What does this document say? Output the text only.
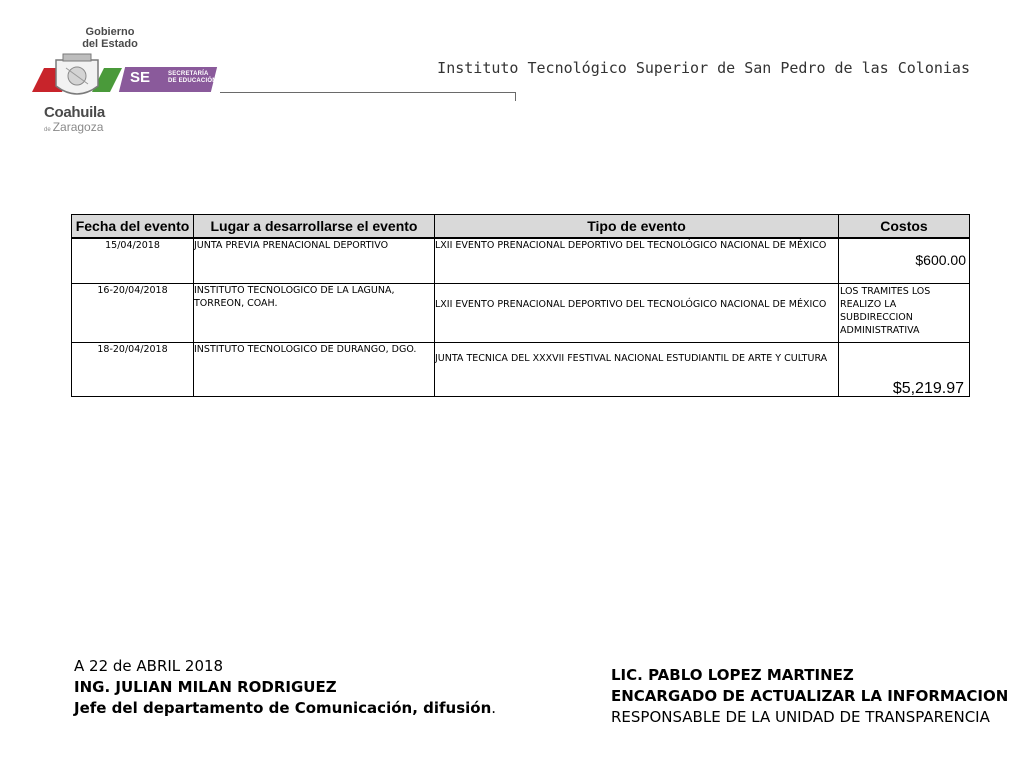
Gobierno
del Estado
SE	SECRETARÍA
DE EDUCACIÓN
Coahuila
de Zaragoza
Instituto Tecnológico Superior de San Pedro de las Colonias
Fecha del evento	Lugar a desarrollarse el evento	Tipo de evento	Costos
15/04/2018	JUNTA PREVIA PRENACIONAL DEPORTIVO	LXII EVENTO PRENACIONAL DEPORTIVO DEL TECNOLÓGICO NACIONAL DE MÉXICO	$600.00

16-20/04/2018	INSTITUTO TECNOLOGICO DE LA LAGUNA, TORREON, COAH.	LXII EVENTO PRENACIONAL DEPORTIVO DEL TECNOLÓGICO NACIONAL DE MÉXICO	LOS TRAMITES LOS REALIZO LA SUBDIRECCION ADMINISTRATIVA

18-20/04/2018	INSTITUTO TECNOLOGICO DE DURANGO, DGO.	JUNTA TECNICA DEL XXXVII FESTIVAL NACIONAL ESTUDIANTIL DE ARTE Y CULTURA	$5,219.97
A 22 de ABRIL 2018
ING. JULIAN MILAN RODRIGUEZ
Jefe del departamento de Comunicación, difusión.
LIC. PABLO LOPEZ MARTINEZ
ENCARGADO DE ACTUALIZAR LA INFORMACION
RESPONSABLE DE LA UNIDAD DE TRANSPARENCIA
